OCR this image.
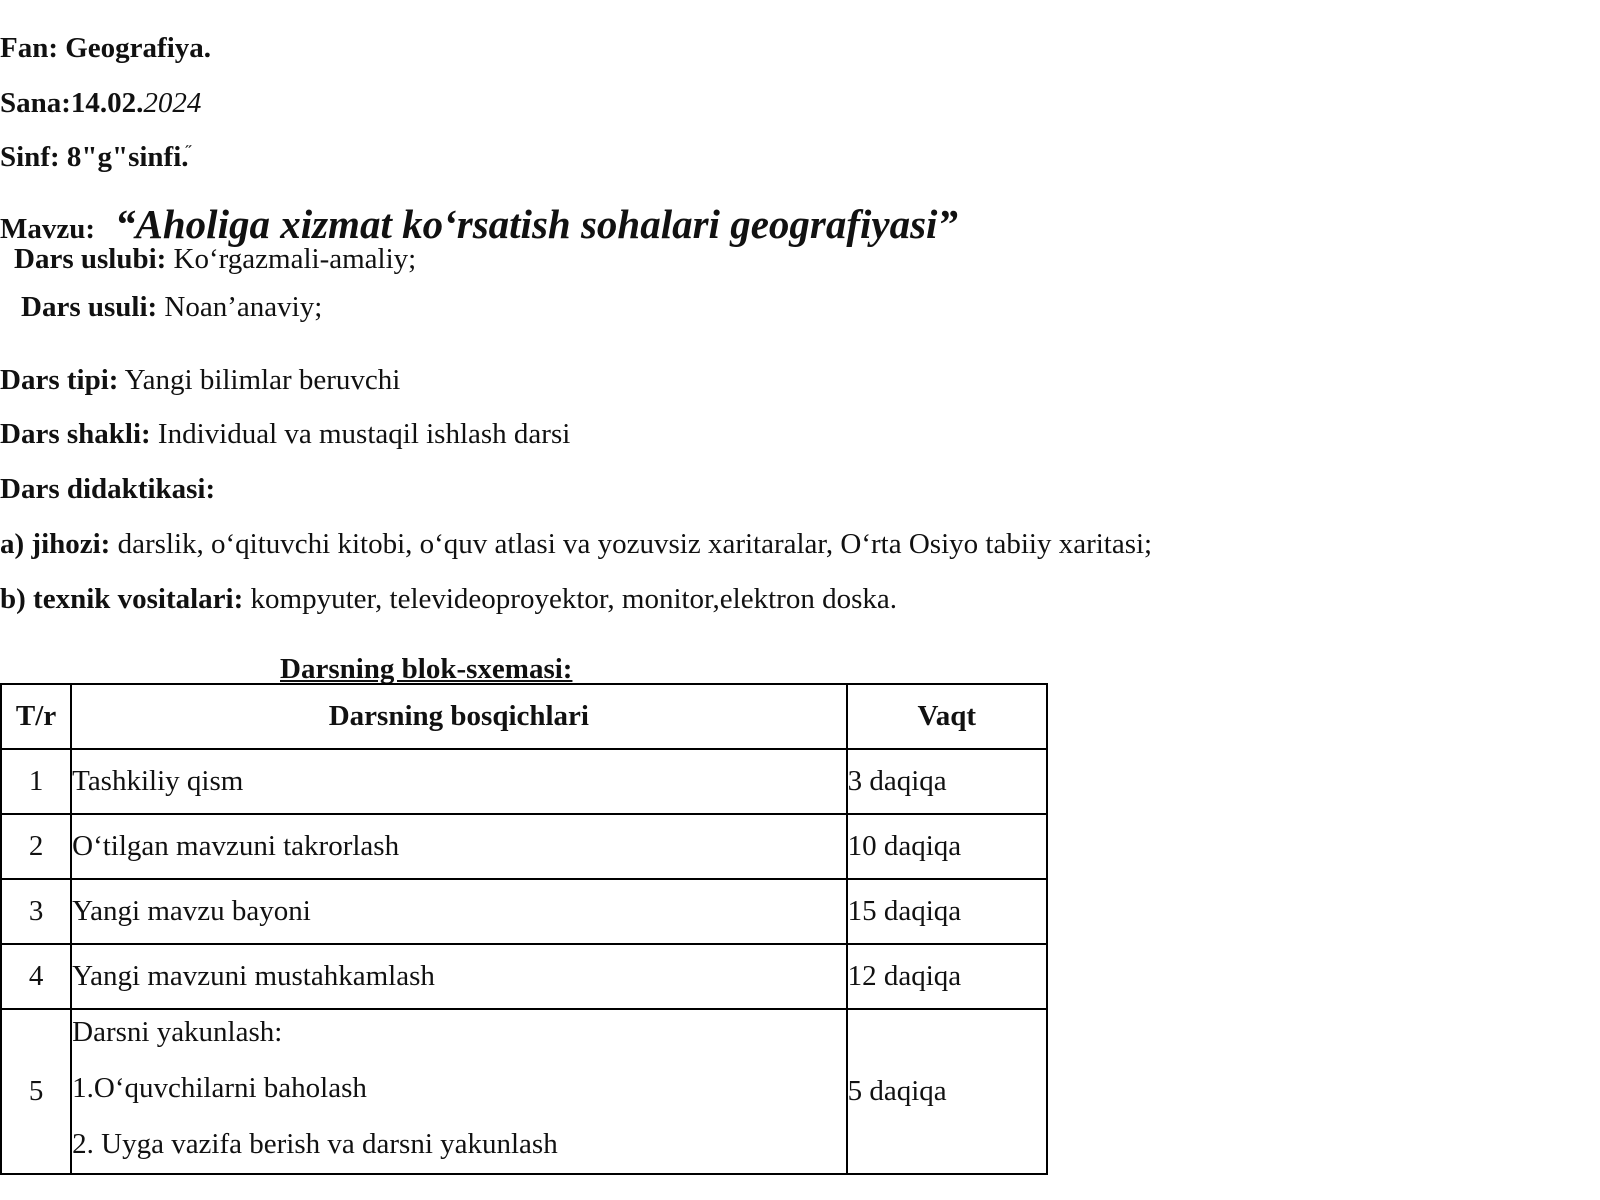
Fan: Geografiya.
Sana:14.02.2024
Sinf: 8"g"sinfi.
Mavzu: “Aholiga xizmat ko‘rsatish sohalari geografiyasi”
Dars uslubi: Ko‘rgazmali-amaliy;
Dars usuli: Noan’anaviy;
Dars tipi: Yangi bilimlar beruvchi
Dars shakli: Individual va mustaqil ishlash darsi
Dars didaktikasi:
a) jihozi: darslik, o‘qituvchi kitobi, o‘quv atlasi va yozuvsiz xaritaralar, O‘rta Osiyo tabiiy xaritasi;
b) texnik vositalari: kompyuter, televideoproyektor, monitor,elektron doska.
Darsning blok-sxemasi:
T/r	Darsning bosqichlari	Vaqt
1	Tashkiliy qism	3 daqiqa
2	O‘tilgan mavzuni takrorlash	10 daqiqa
3	Yangi mavzu bayoni	15 daqiqa
4	Yangi mavzuni mustahkamlash	12 daqiqa
5	Darsni yakunlash:
1.O‘quvchilarni baholash
2. Uyga vazifa berish va darsni yakunlash	5 daqiqa
